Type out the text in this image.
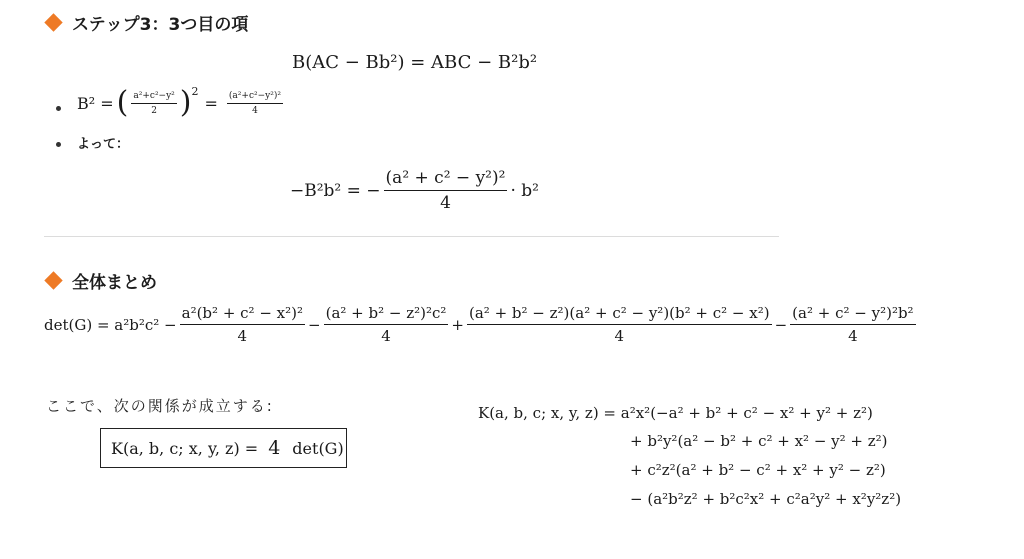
ステップ3：3つ目の項
B(AC − Bb²) = ABC − B²b²
B² = ( $\frac{\text{a²+c²−y²}}{2}$ ) 2
= $\frac{\text{(a²+c²−y²)²}}{4}$
よって：
−B²b² = − $\frac{\text{(a² + c² − y²)²}}{4} \cdot b^2$
全体まとめ
$\det(G) = a^2b^2c^2 - \frac{\text{a²(b² + c² − x²)²}}{4} - \frac{\text{(a² + b² − z²)²c²}}{4} + \frac{\text{(a² + b² − z²)(a² + c² − y²)(b² + c² − x²)}}{4} - \frac{\text{(a² + c² − y²)²b²}}{4}$
ここで、次の関係が成立する:
K(a, b, c; x, y, z) = 4 det(G)
K(a, b, c; x, y, z) = a²x²(−a² + b² + c² − x² + y² + z²)
+ b²y²(a² − b² + c² + x² − y² + z²)
+ c²z²(a² + b² − c² + x² + y² − z²)
− (a²b²z² + b²c²x² + c²a²y² + x²y²z²)
